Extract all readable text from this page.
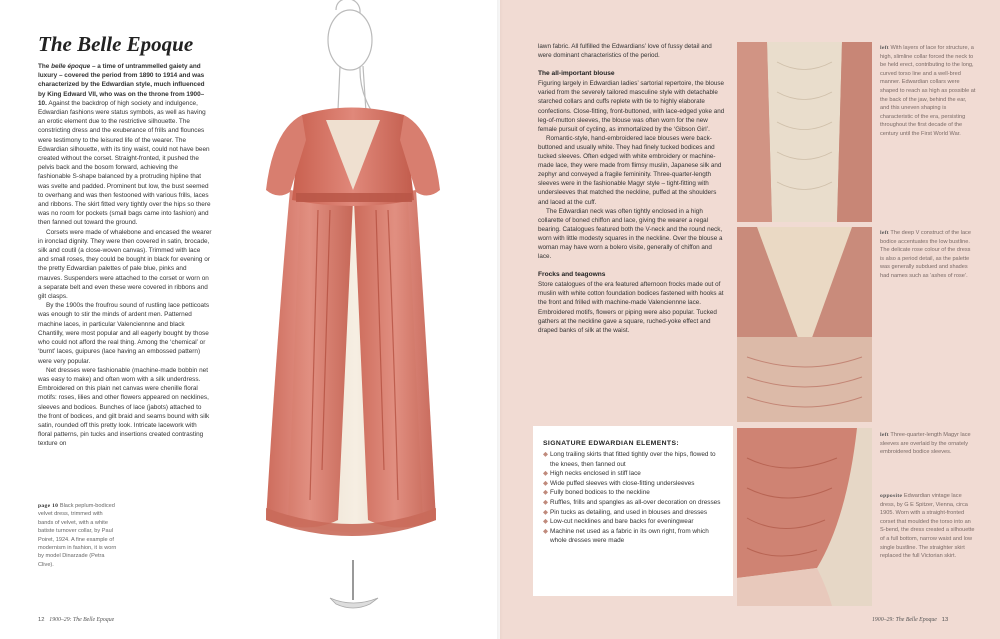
The Belle Epoque

The belle époque – a time of untrammelled gaiety and luxury – covered the period from 1890 to 1914 and was characterized by the Edwardian style, much influenced by King Edward VII, who was on the throne from 1900–10. Against the backdrop of high society and indulgence, Edwardian fashions were status symbols, as well as having an erotic element due to the restrictive silhouette. The constricting dress and the exuberance of frills and flounces were testimony to the leisured life of the wearer. The Edwardian silhouette, with its tiny waist, could not have been created without the corset. Straight-fronted, it pushed the pelvis back and the bosom forward, achieving the fashionable S-shape balanced by a protruding hipline that was svelte and padded. Prominent but low, the bust seemed to overhang and was then festooned with various frills, laces and ribbons. The skirt fitted very tightly over the hips so there was no room for pockets (small bags came into fashion) and then fanned out toward the ground.

Corsets were made of whalebone and encased the wearer in ironclad dignity. They were then covered in satin, brocade, silk and coutil (a close-woven canvas). Trimmed with lace and small roses, they could be bought in black for evening or the pretty Edwardian palettes of pale blue, pinks and mauves. Suspenders were attached to the corset or worn on a separate belt and even these were covered in ribbons and gilt clasps.

By the 1900s the froufrou sound of rustling lace petticoats was enough to stir the minds of ardent men. Patterned machine laces, in particular Valenciennne and black Chantilly, were most popular and all eagerly bought by those who could not afford the real thing. Among the ‘chemical’ or ‘burnt’ laces, guipures (lace having an embossed pattern) were very popular.

Net dresses were fashionable (machine-made bobbin net was easy to make) and often worn with a silk underdress. Embroidered on this plain net canvas were chenille floral motifs: roses, lilies and other flowers appeared on necklines, sleeves and bodices. Bunches of lace (jabots) attached to the front of bodices, and gilt braid and seams bound with silk satin, rounded off this pretty look. Intricate lacework with floral patterns, pin tucks and insertions created contrasting texture on

page 10 Black peplum-bodiced velvet dress, trimmed with bands of velvet, with a white batiste turnover collar, by Paul Poiret, 1924. A fine example of modernism in fashion, it is worn by model Dinarzade (Petra Clive).
12 1900–29: The Belle Epoque

lawn fabric. All fulfilled the Edwardians’ love of fussy detail and were dominant characteristics of the period.

The all-important blouse

Figuring largely in Edwardian ladies’ sartorial repertoire, the blouse varied from the severely tailored masculine style with detachable starched collars and cuffs replete with tie to highly elaborate confections. Close-fitting, front-buttoned, with lace-edged yoke and leg-of-mutton sleeves, the blouse was often worn for the new female pursuit of cycling, as immortalized by the ‘Gibson Girl’.

Romantic-style, hand-embroidered lace blouses were back-buttoned and usually white. They had finely tucked bodices and tucked sleeves. Often edged with white embroidery or machine-made lace, they were made from flimsy muslin, Japanese silk and zephyr and conveyed a fragile femininity. Three-quarter-length sleeves were in the fashionable Magyr style – tight-fitting with undersleeves that matched the neckline, puffed at the shoulders and laced at the cuff.

The Edwardian neck was often tightly enclosed in a high collarette of boned chiffon and lace, giving the wearer a regal bearing. Catalogues featured both the V-neck and the round neck, worn with little modesty squares in the neckline. Over the blouse a woman may have worn a bolero visite, generally of chiffon and lace.

Frocks and teagowns

Store catalogues of the era featured afternoon frocks made out of muslin with white cotton foundation bodices fastened with hooks at the front and frilled with machine-made Valenciennne lace. Embroidered motifs, flowers or piping were also popular. Tucked gathers at the neckline gave a square, ruched-yoke effect and draped banks of silk at the waist.

SIGNATURE EDWARDIAN ELEMENTS:
◆ Long trailing skirts that fitted tightly over the hips, flowed to the knees, then fanned out
◆ High necks enclosed in stiff lace
◆ Wide puffed sleeves with close-fitting undersleeves
◆ Fully boned bodices to the neckline
◆ Ruffles, frills and spangles as all-over decoration on dresses
◆ Pin tucks as detailing, and used in blouses and dresses
◆ Low-cut necklines and bare backs for eveningwear
◆ Machine net used as a fabric in its own right, from which whole dresses were made
left With layers of lace for structure, a high, slimline collar forced the neck to be held erect, contributing to the long, curved torso line and a well-bred manner. Edwardian collars were shaped to reach as high as possible at the back of the jaw, behind the ear, and this uneven shaping is characteristic of the era, persisting throughout the first decade of the century until the First World War.
left The deep V construct of the lace bodice accentuates the low bustline. The delicate rose colour of the dress is also a period detail, as the palette was generally subdued and shades had names such as ‘ashes of rose’.
left Three-quarter-length Magyr lace sleeves are overlaid by the ornately embroidered bodice sleeves.
opposite Edwardian vintage lace dress, by G E Spitzer, Vienna, circa 1905. Worn with a straight-fronted corset that moulded the torso into an S-bend, the dress created a silhouette of a full bottom, narrow waist and low single bustline. The straighter skirt replaced the full Victorian skirt.
1900–29: The Belle Epoque 13
